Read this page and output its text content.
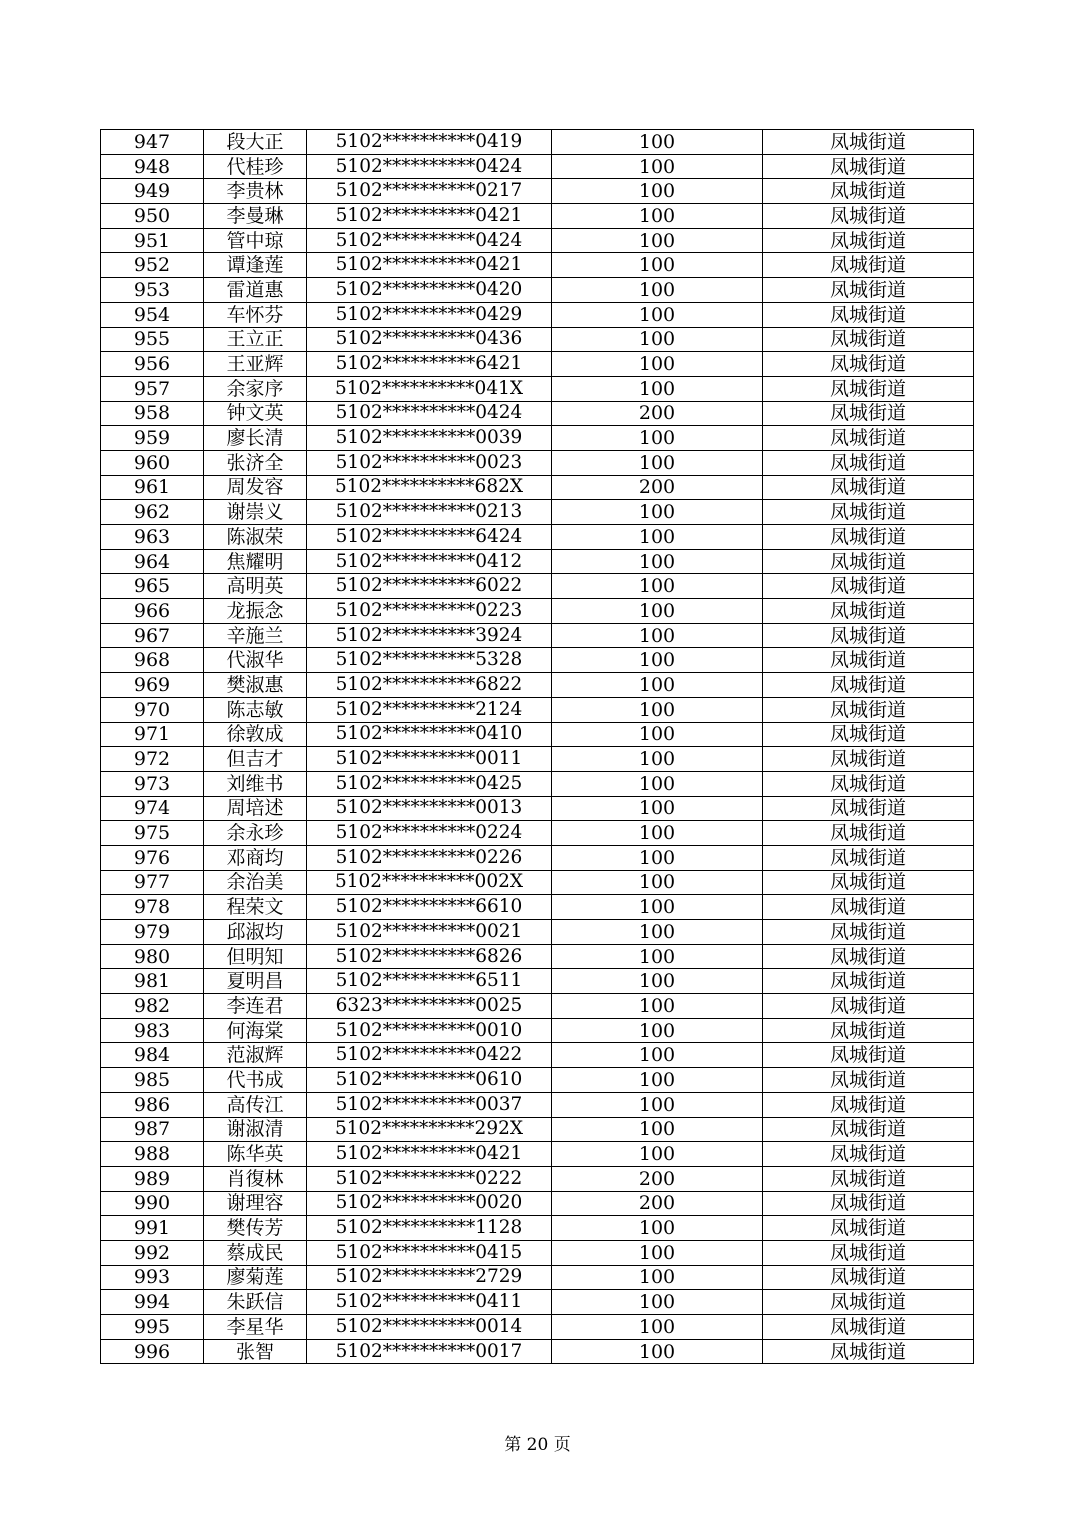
947	段大正	5102**********0419	100	凤城街道
948	代桂珍	5102**********0424	100	凤城街道
949	李贵林	5102**********0217	100	凤城街道
950	李曼琳	5102**********0421	100	凤城街道
951	管中琼	5102**********0424	100	凤城街道
952	谭逢莲	5102**********0421	100	凤城街道
953	雷道惠	5102**********0420	100	凤城街道
954	车怀芬	5102**********0429	100	凤城街道
955	王立正	5102**********0436	100	凤城街道
956	王亚辉	5102**********6421	100	凤城街道
957	余家序	5102**********041X	100	凤城街道
958	钟文英	5102**********0424	200	凤城街道
959	廖长清	5102**********0039	100	凤城街道
960	张济全	5102**********0023	100	凤城街道
961	周发容	5102**********682X	200	凤城街道
962	谢崇义	5102**********0213	100	凤城街道
963	陈淑荣	5102**********6424	100	凤城街道
964	焦耀明	5102**********0412	100	凤城街道
965	高明英	5102**********6022	100	凤城街道
966	龙振念	5102**********0223	100	凤城街道
967	辛施兰	5102**********3924	100	凤城街道
968	代淑华	5102**********5328	100	凤城街道
969	樊淑惠	5102**********6822	100	凤城街道
970	陈志敏	5102**********2124	100	凤城街道
971	徐敦成	5102**********0410	100	凤城街道
972	但吉才	5102**********0011	100	凤城街道
973	刘维书	5102**********0425	100	凤城街道
974	周培述	5102**********0013	100	凤城街道
975	余永珍	5102**********0224	100	凤城街道
976	邓商均	5102**********0226	100	凤城街道
977	余治美	5102**********002X	100	凤城街道
978	程荣文	5102**********6610	100	凤城街道
979	邱淑均	5102**********0021	100	凤城街道
980	但明知	5102**********6826	100	凤城街道
981	夏明昌	5102**********6511	100	凤城街道
982	李连君	6323**********0025	100	凤城街道
983	何海棠	5102**********0010	100	凤城街道
984	范淑辉	5102**********0422	100	凤城街道
985	代书成	5102**********0610	100	凤城街道
986	高传江	5102**********0037	100	凤城街道
987	谢淑清	5102**********292X	100	凤城街道
988	陈华英	5102**********0421	100	凤城街道
989	肖復林	5102**********0222	200	凤城街道
990	谢理容	5102**********0020	200	凤城街道
991	樊传芳	5102**********1128	100	凤城街道
992	蔡成民	5102**********0415	100	凤城街道
993	廖菊莲	5102**********2729	100	凤城街道
994	朱跃信	5102**********0411	100	凤城街道
995	李星华	5102**********0014	100	凤城街道
996	张智	5102**********0017	100	凤城街道
第 20 页
